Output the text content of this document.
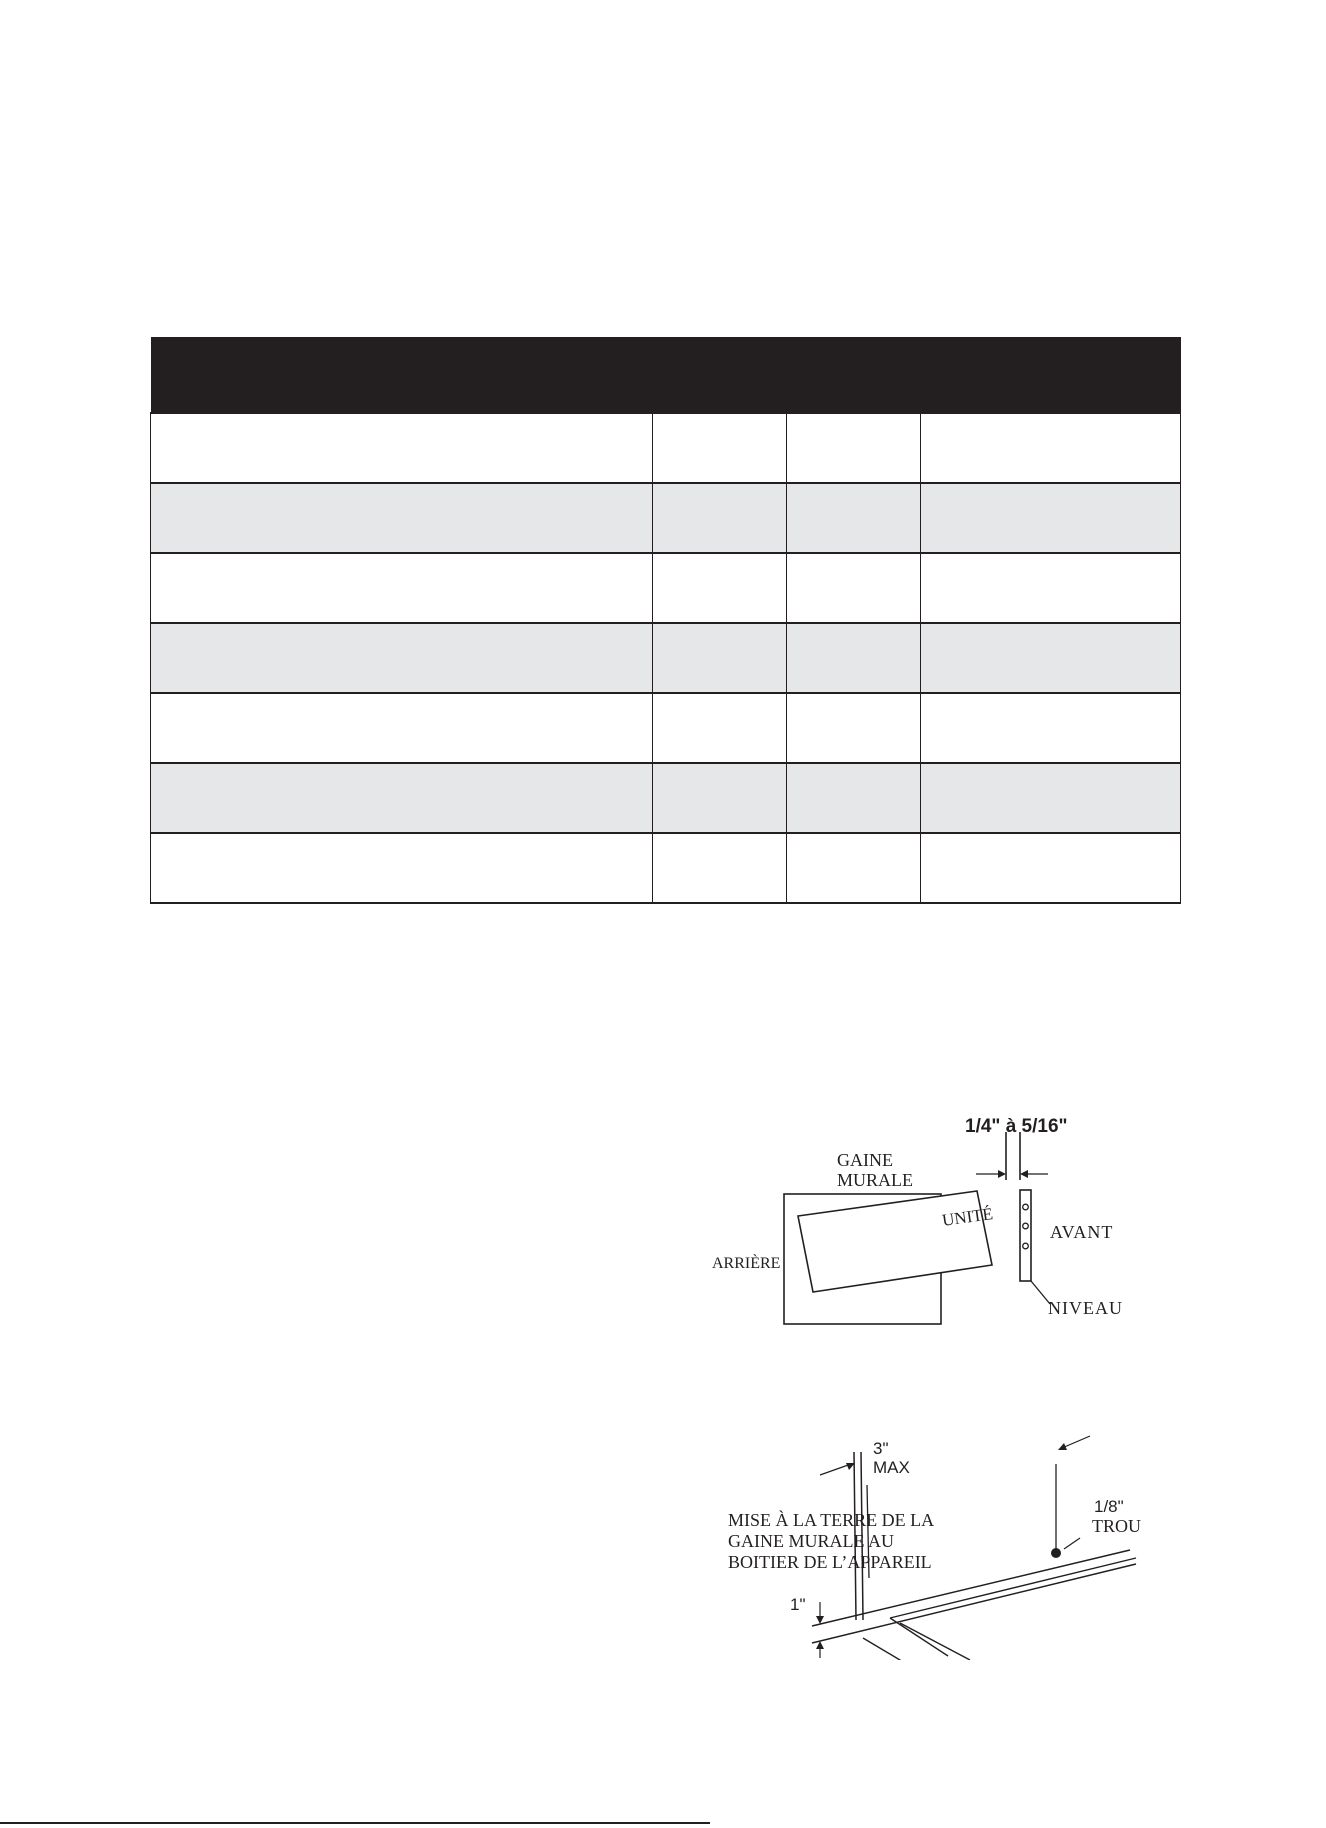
1/4" à 5/16"
GAINE
MURALE
UNITÉ
AVANT
ARRIÈRE
NIVEAU
3"
MAX
1/8"
TROU
MISE À LA TERRE DE LA
GAINE MURALE AU
BOITIER DE L’APPAREIL
1"
